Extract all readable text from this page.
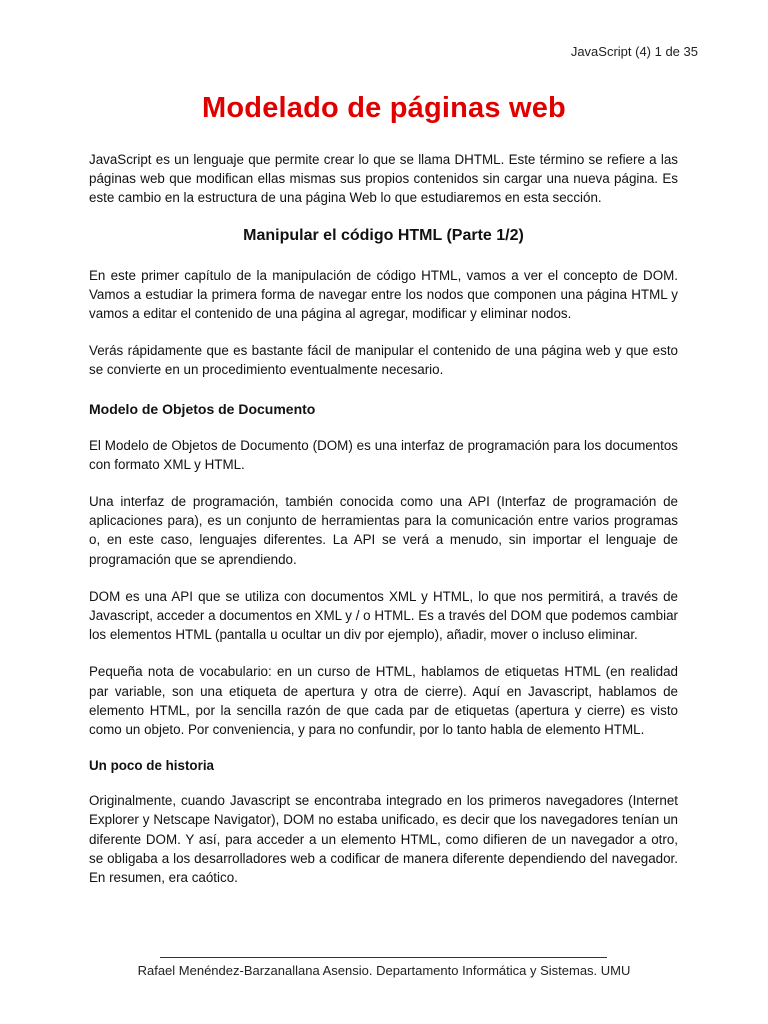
JavaScript (4) 1 de 35
Modelado de páginas web

JavaScript es un lenguaje que permite crear lo que se llama DHTML. Este término se refiere a las páginas web que modifican ellas mismas sus propios contenidos sin cargar una nueva página. Es este cambio en la estructura de una página Web lo que estudiaremos en esta sección.

Manipular el código HTML (Parte 1/2)

En este primer capítulo de la manipulación de código HTML, vamos a ver el concepto de DOM. Vamos a estudiar la primera forma de navegar entre los nodos que componen una página HTML y vamos a editar el contenido de una página al agregar, modificar y eliminar nodos.

Verás rápidamente que es bastante fácil de manipular el contenido de una página web y que esto se convierte en un procedimiento eventualmente necesario.

Modelo de Objetos de Documento

El Modelo de Objetos de Documento (DOM) es una interfaz de programación para los documentos con formato XML y HTML.

Una interfaz de programación, también conocida como una API (Interfaz de programación de aplicaciones para), es un conjunto de herramientas para la comunicación entre varios programas o, en este caso, lenguajes diferentes. La API se verá a menudo, sin importar el lenguaje de programación que se aprendiendo.

DOM es una API que se utiliza con documentos XML y HTML, lo que nos permitirá, a través de Javascript, acceder a documentos en XML y / o HTML. Es a través del DOM que podemos cambiar los elementos HTML (pantalla u ocultar un div por ejemplo), añadir, mover o incluso eliminar.

Pequeña nota de vocabulario: en un curso de HTML, hablamos de etiquetas HTML (en realidad par variable, son una etiqueta de apertura y otra de cierre). Aquí en Javascript, hablamos de elemento HTML, por la sencilla razón de que cada par de etiquetas (apertura y cierre) es visto como un objeto. Por conveniencia, y para no confundir, por lo tanto habla de elemento HTML.

Un poco de historia

Originalmente, cuando Javascript se encontraba integrado en los primeros navegadores (Internet Explorer y Netscape Navigator), DOM no estaba unificado, es decir que los navegadores tenían un diferente DOM. Y así, para acceder a un elemento HTML, como difieren de un navegador a otro, se obligaba a los desarrolladores web a codificar de manera diferente dependiendo del navegador. En resumen, era caótico.

Rafael Menéndez-Barzanallana Asensio. Departamento Informática y Sistemas. UMU
